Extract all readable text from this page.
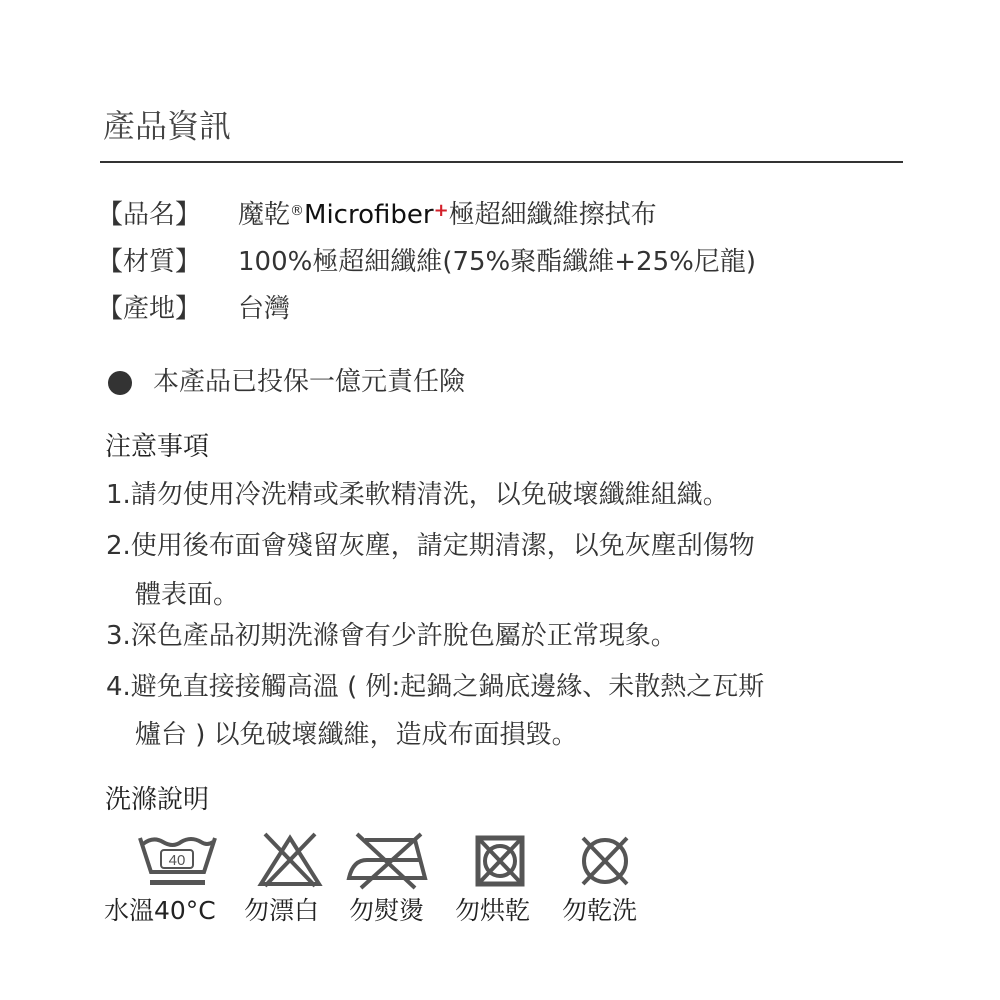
產品資訊
【品名】 魔乾®Microfiber+極超細纖維擦拭布
【材質】 100%極超細纖維(75%聚酯纖維+25%尼龍)
【產地】 台灣
本產品已投保一億元責任險
注意事項
1.請勿使用冷洗精或柔軟精清洗，以免破壞纖維組織。
2.使用後布面會殘留灰塵，請定期清潔，以免灰塵刮傷物
體表面。
3.深色產品初期洗滌會有少許脫色屬於正常現象。
4.避免直接接觸高溫 ( 例:起鍋之鍋底邊緣、未散熱之瓦斯
爐台 ) 以免破壞纖維，造成布面損毀。
洗滌說明
40
水溫40°C 勿漂白 勿熨燙 勿烘乾 勿乾洗
